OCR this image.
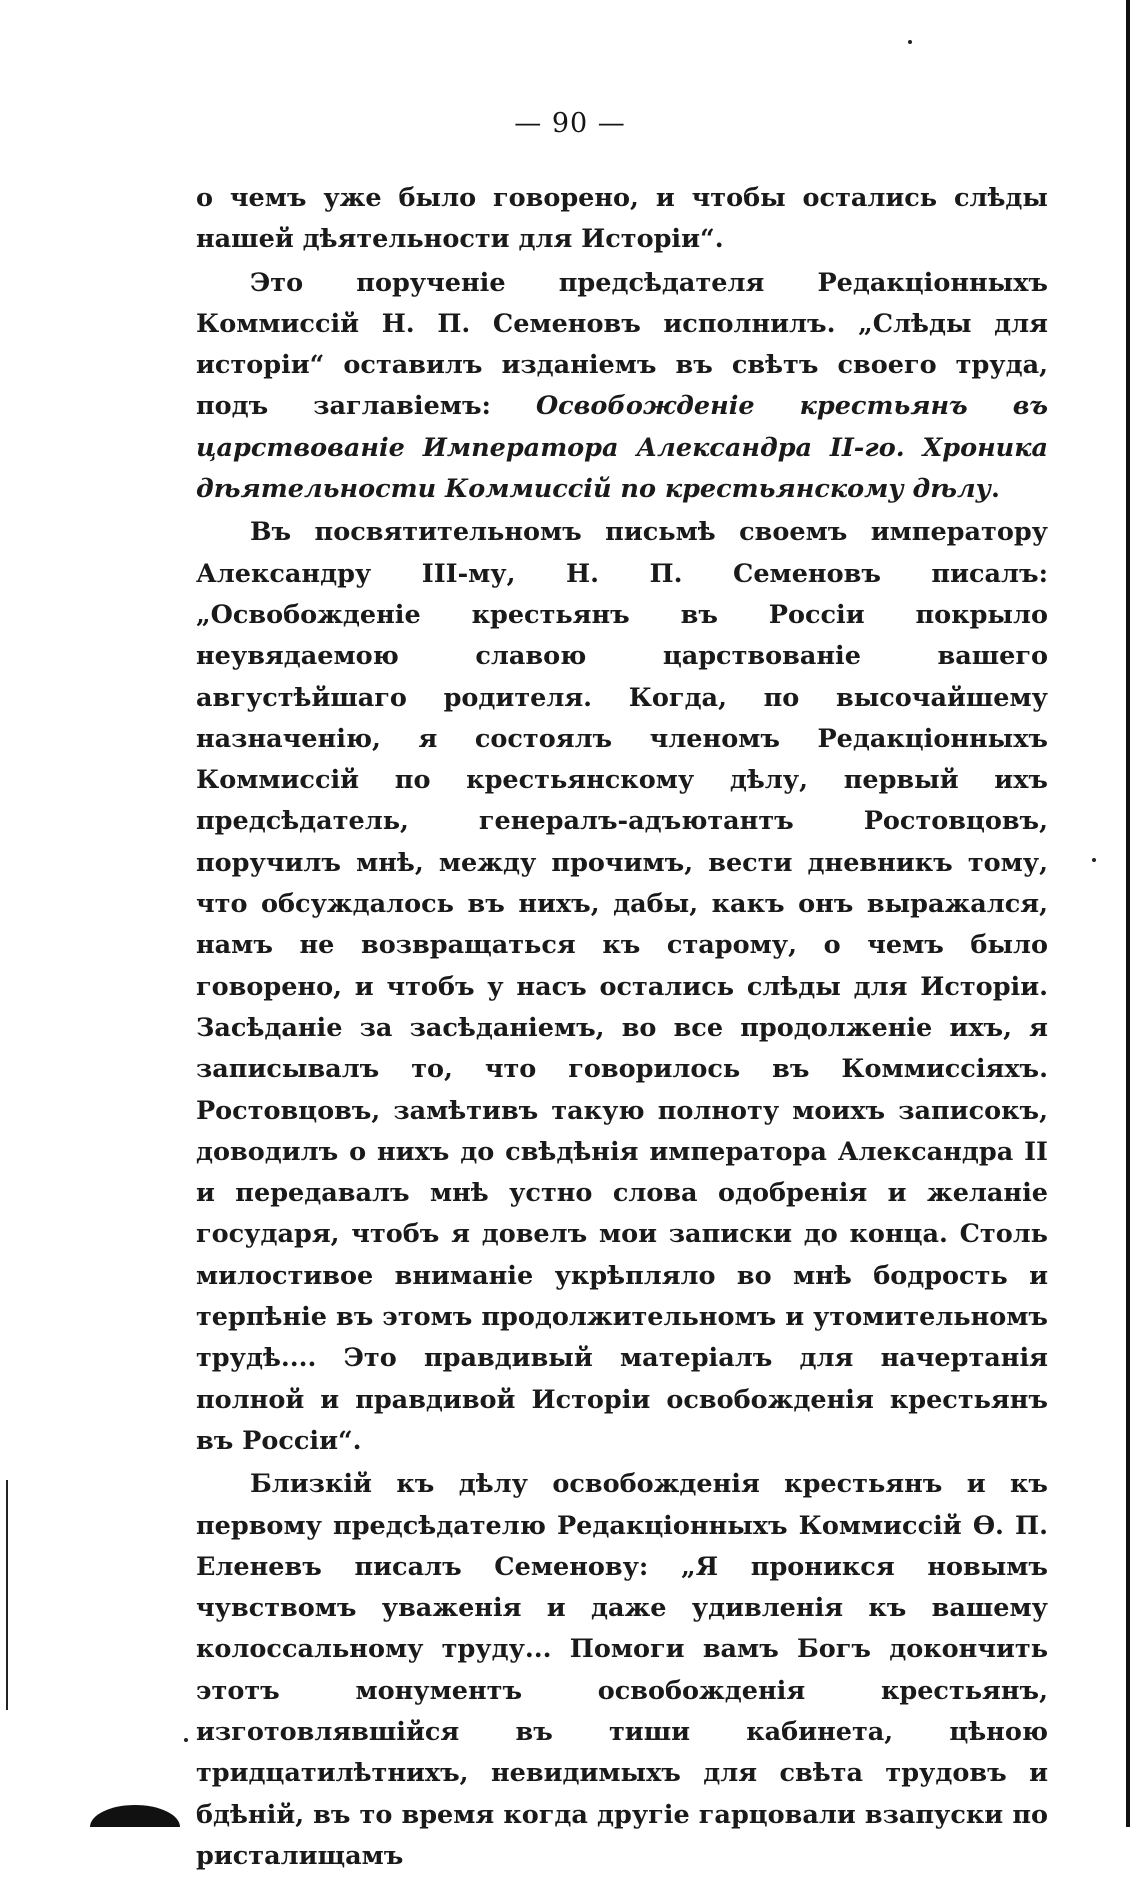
— 90 —

о чемъ уже было говорено, и чтобы остались слѣды нашей дѣятельности для Исторіи“.

Это порученіе предсѣдателя Редакціонныхъ Коммиссій Н. П. Семеновъ исполнилъ. „Слѣды для исторіи“ оставилъ изданіемъ въ свѣтъ своего труда, подъ заглавіемъ: Освобожденіе крестьянъ въ царствованіе Императора Александра II-го. Хроника дѣятельности Коммиссій по крестьянскому дѣлу.

Въ посвятительномъ письмѣ своемъ императору Александру III-му, Н. П. Семеновъ писалъ: „Освобожденіе крестьянъ въ Россіи покрыло неувядаемою славою царствованіе вашего августѣйшаго родителя. Когда, по высочайшему назначенію, я состоялъ членомъ Редакціонныхъ Коммиссій по крестьянскому дѣлу, первый ихъ предсѣдатель, генералъ-адъютантъ Ростовцовъ, поручилъ мнѣ, между прочимъ, вести дневникъ тому, что обсуждалось въ нихъ, дабы, какъ онъ выражался, намъ не возвращаться къ старому, о чемъ было говорено, и чтобъ у насъ остались слѣды для Исторіи. Засѣданіе за засѣданіемъ, во все продолженіе ихъ, я записывалъ то, что говорилось въ Коммиссіяхъ. Ростовцовъ, замѣтивъ такую полноту моихъ записокъ, доводилъ о нихъ до свѣдѣнія императора Александра II и передавалъ мнѣ устно слова одобренія и желаніе государя, чтобъ я довелъ мои записки до конца. Столь милостивое вниманіе укрѣпляло во мнѣ бодрость и терпѣніе въ этомъ продолжительномъ и утомительномъ трудѣ.... Это правдивый матеріалъ для начертанія полной и правдивой Исторіи освобожденія крестьянъ въ Россіи“.

Близкій къ дѣлу освобожденія крестьянъ и къ первому предсѣдателю Редакціонныхъ Коммиссій Ѳ. П. Еленевъ писалъ Семенову: „Я проникся новымъ чувствомъ уваженія и даже удивленія къ вашему колоссальному труду... Помоги вамъ Богъ докончить этотъ монументъ освобожденія крестьянъ, изготовлявшійся въ тиши кабинета, цѣною тридцатилѣтнихъ, невидимыхъ для свѣта трудовъ и бдѣній, въ то время когда другіе гарцовали взапуски по ристалищамъ
